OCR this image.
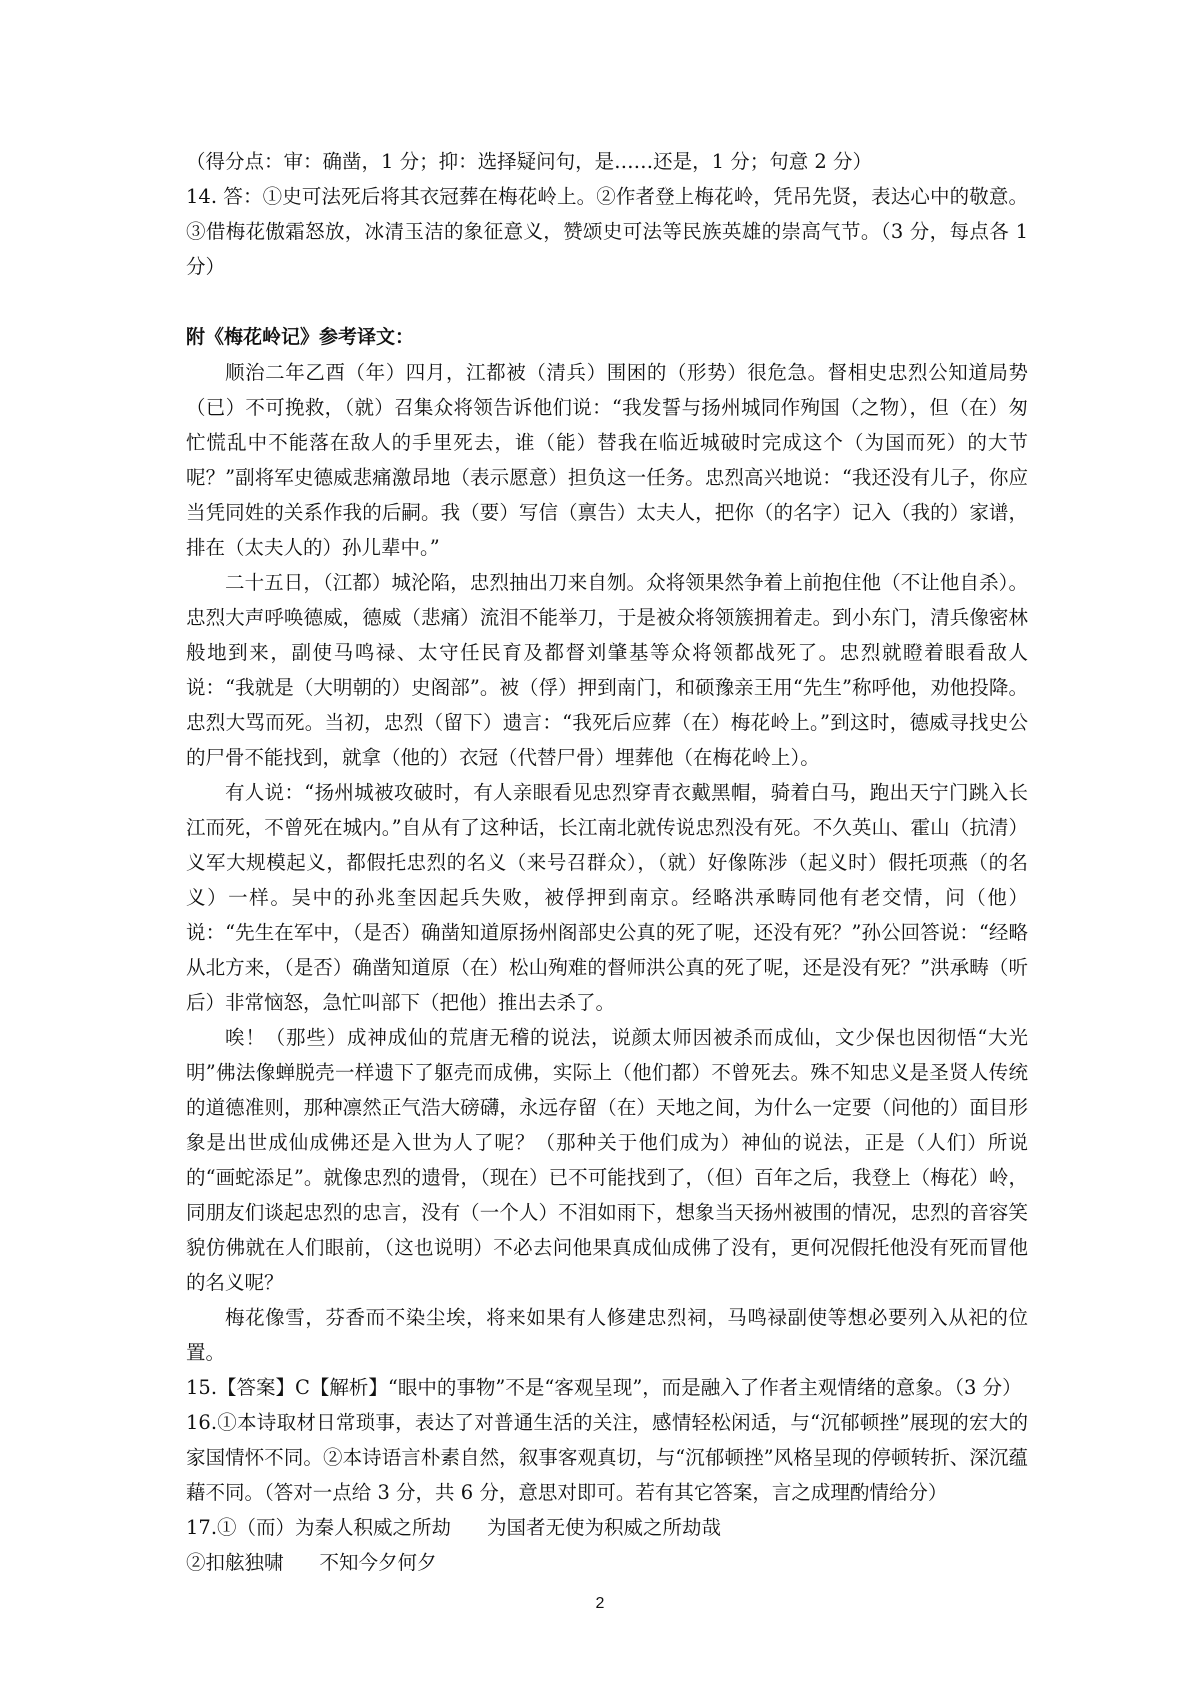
（得分点：审：确凿，1 分；抑：选择疑问句，是……还是，1 分；句意 2 分）

14. 答：①史可法死后将其衣冠葬在梅花岭上。②作者登上梅花岭，凭吊先贤，表达心中的敬意。③借梅花傲霜怒放，冰清玉洁的象征意义，赞颂史可法等民族英雄的崇高气节。（3 分，每点各 1 分）

附《梅花岭记》参考译文：

顺治二年乙酉（年）四月，江都被（清兵）围困的（形势）很危急。督相史忠烈公知道局势（已）不可挽救，（就）召集众将领告诉他们说：“我发誓与扬州城同作殉国（之物），但（在）匆忙慌乱中不能落在敌人的手里死去，谁（能）替我在临近城破时完成这个（为国而死）的大节呢？”副将军史德威悲痛激昂地（表示愿意）担负这一任务。忠烈高兴地说：“我还没有儿子，你应当凭同姓的关系作我的后嗣。我（要）写信（禀告）太夫人，把你（的名字）记入（我的）家谱，排在（太夫人的）孙儿辈中。”

二十五日，（江都）城沦陷，忠烈抽出刀来自刎。众将领果然争着上前抱住他（不让他自杀）。忠烈大声呼唤德威，德威（悲痛）流泪不能举刀，于是被众将领簇拥着走。到小东门，清兵像密林般地到来，副使马鸣禄、太守任民育及都督刘肇基等众将领都战死了。忠烈就瞪着眼看敌人说：“我就是（大明朝的）史阁部”。被（俘）押到南门，和硕豫亲王用“先生”称呼他，劝他投降。忠烈大骂而死。当初，忠烈（留下）遗言：“我死后应葬（在）梅花岭上。”到这时，德威寻找史公的尸骨不能找到，就拿（他的）衣冠（代替尸骨）埋葬他（在梅花岭上）。

有人说：“扬州城被攻破时，有人亲眼看见忠烈穿青衣戴黑帽，骑着白马，跑出天宁门跳入长江而死，不曾死在城内。”自从有了这种话，长江南北就传说忠烈没有死。不久英山、霍山（抗清）义军大规模起义，都假托忠烈的名义（来号召群众），（就）好像陈涉（起义时）假托项燕（的名义）一样。吴中的孙兆奎因起兵失败，被俘押到南京。经略洪承畴同他有老交情，问（他）说：“先生在军中，（是否）确凿知道原扬州阁部史公真的死了呢，还没有死？”孙公回答说：“经略从北方来，（是否）确凿知道原（在）松山殉难的督师洪公真的死了呢，还是没有死？”洪承畴（听后）非常恼怒，急忙叫部下（把他）推出去杀了。

唉！（那些）成神成仙的荒唐无稽的说法，说颜太师因被杀而成仙，文少保也因彻悟“大光明”佛法像蝉脱壳一样遗下了躯壳而成佛，实际上（他们都）不曾死去。殊不知忠义是圣贤人传统的道德准则，那种凛然正气浩大磅礴，永远存留（在）天地之间，为什么一定要（问他的）面目形象是出世成仙成佛还是入世为人了呢？（那种关于他们成为）神仙的说法，正是（人们）所说的“画蛇添足”。就像忠烈的遗骨，（现在）已不可能找到了，（但）百年之后，我登上（梅花）岭，同朋友们谈起忠烈的忠言，没有（一个人）不泪如雨下，想象当天扬州被围的情况，忠烈的音容笑貌仿佛就在人们眼前，（这也说明）不必去问他果真成仙成佛了没有，更何况假托他没有死而冒他的名义呢？

梅花像雪，芬香而不染尘埃，将来如果有人修建忠烈祠，马鸣禄副使等想必要列入从祀的位置。

15.【答案】C【解析】“眼中的事物”不是“客观呈现”，而是融入了作者主观情绪的意象。（3 分）

16.①本诗取材日常琐事，表达了对普通生活的关注，感情轻松闲适，与“沉郁顿挫”展现的宏大的家国情怀不同。②本诗语言朴素自然，叙事客观真切，与“沉郁顿挫”风格呈现的停顿转折、深沉蕴藉不同。（答对一点给 3 分，共 6 分，意思对即可。若有其它答案，言之成理酌情给分）

17.①（而）为秦人积威之所劫 为国者无使为积威之所劫哉

②扣舷独啸 不知今夕何夕

2
